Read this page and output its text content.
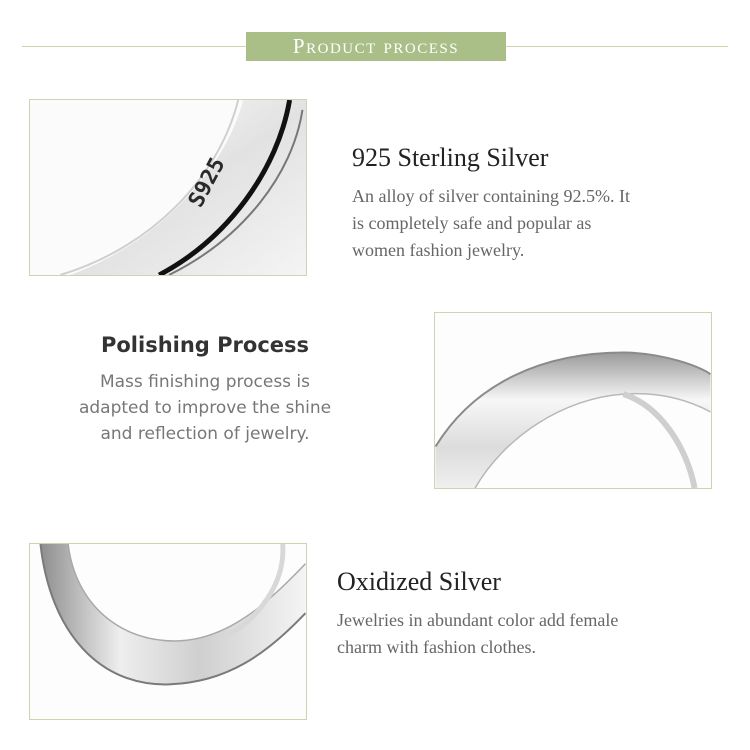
Product process
S925	925 Sterling Silver

An alloy of silver containing 92.5%. It

is completely safe and popular as

women fashion jewelry.

Polishing Process

Mass finishing process is

adapted to improve the shine

and reflection of jewelry.

Oxidized Silver

Jewelries in abundant color add female

charm with fashion clothes.
